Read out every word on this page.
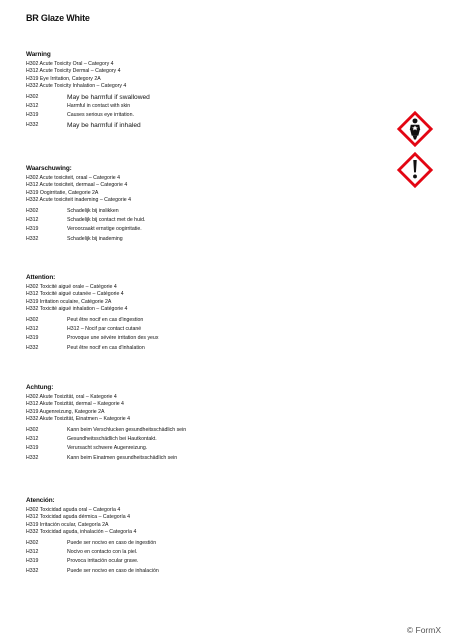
BR Glaze White
Warning
H302 Acute Toxicity Oral – Category 4
H312 Acute Toxicity Dermal – Category 4
H319 Eye Irritation, Category 2A
H332 Acute Toxicity Inhalation – Category 4
H302	May be harmful if swallowed
H312	Harmful in contact with skin
H319	Causes serious eye irritation.
H332	May be harmful if inhaled
Waarschuwing:
H302 Acute toxiciteit, oraal – Categorie 4
H312 Acute toxiciteit, dermaal – Categorie 4
H319 Oogirritatie, Categorie 2A
H332 Acute toxiciteit inademing – Categorie 4
H302	Schadelijk bij inslikken
H312	Schadelijk bij contact met de huid.
H319	Veroorzaakt ernstige oogirritatie.
H332	Schadelijk bij inademing
Attention:
H302 Toxicité aiguë orale – Catégorie 4
H312 Toxicité aiguë cutanée – Catégorie 4
H319 Irritation oculaire, Catégorie 2A
H332 Toxicité aiguë inhalation – Catégorie 4
H302	Peut être nocif en cas d'ingestion
H312	H312 – Nocif par contact cutané
H319	Provoque une sévère irritation des yeux
H332	Peut être nocif en cas d'inhalation
Achtung:
H302 Akute Toxizität, oral – Kategorie 4
H312 Akute Toxizität, dermal – Kategorie 4
H319 Augenreizung, Kategorie 2A
H332 Akute Toxizität, Einatmen – Kategorie 4
H302	Kann beim Verschlucken gesundheitsschädlich sein
H312	Gesundheitsschädlich bei Hautkontakt.
H319	Verursacht schwere Augenreizung.
H332	Kann beim Einatmen gesundheitsschädlich sein
Atención:
H302 Toxicidad aguda oral – Categoría 4
H312 Toxicidad aguda dérmica – Categoría 4
H319 Irritación ocular, Categoría 2A
H332 Toxicidad aguda, inhalación – Categoría 4
H302	Puede ser nocivo en caso de ingestión
H312	Nocivo en contacto con la piel.
H319	Provoca irritación ocular grave.
H332	Puede ser nocivo en caso de inhalación
© FormX
